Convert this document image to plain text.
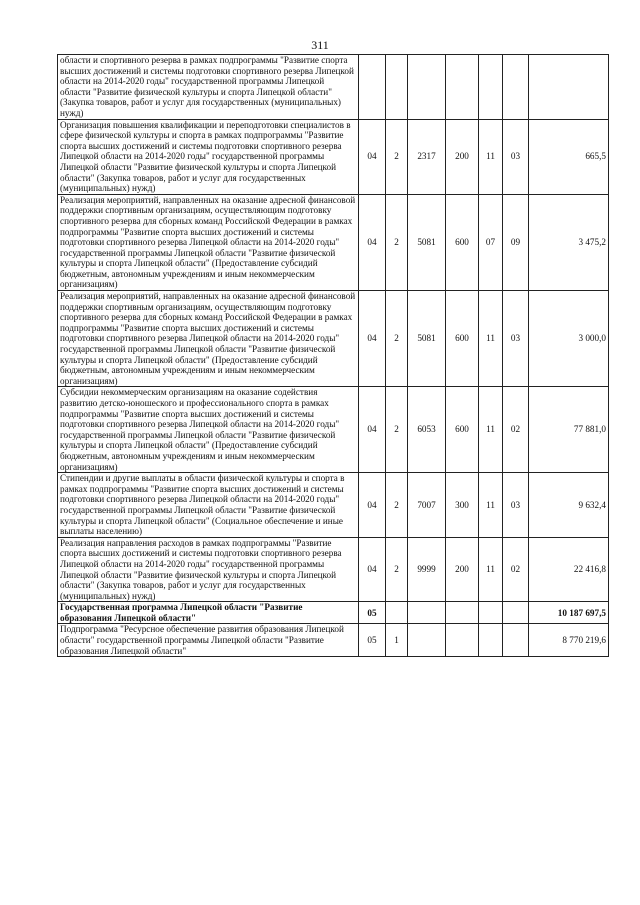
311
области и спортивного резерва в рамках подпрограммы "Развитие спорта высших достижений и системы подготовки спортивного резерва Липецкой области на 2014-2020 годы" государственной программы Липецкой области "Развитие физической культуры и спорта Липецкой области" (Закупка товаров, работ и услуг для государственных (муниципальных) нужд)							
Организация повышения квалификации и переподготовки специалистов в сфере физической культуры и спорта в рамках подпрограммы "Развитие спорта высших достижений и системы подготовки спортивного резерва Липецкой области на 2014-2020 годы" государственной программы Липецкой области "Развитие физической культуры и спорта Липецкой области" (Закупка товаров, работ и услуг для государственных (муниципальных) нужд)	04	2	2317	200	11	03	665,5
Реализация мероприятий, направленных на оказание адресной финансовой поддержки спортивным организациям, осуществляющим подготовку спортивного резерва для сборных команд Российской Федерации в рамках подпрограммы "Развитие спорта высших достижений и системы подготовки спортивного резерва Липецкой области на 2014-2020 годы" государственной программы Липецкой области "Развитие физической культуры и спорта Липецкой области" (Предоставление субсидий бюджетным, автономным учреждениям и иным некоммерческим организациям)	04	2	5081	600	07	09	3 475,2
Реализация мероприятий, направленных на оказание адресной финансовой поддержки спортивным организациям, осуществляющим подготовку спортивного резерва для сборных команд Российской Федерации в рамках подпрограммы "Развитие спорта высших достижений и системы подготовки спортивного резерва Липецкой области на 2014-2020 годы" государственной программы Липецкой области "Развитие физической культуры и спорта Липецкой области" (Предоставление субсидий бюджетным, автономным учреждениям и иным некоммерческим организациям)	04	2	5081	600	11	03	3 000,0
Субсидии некоммерческим организациям на оказание содействия развитию детско-юношеского и профессионального спорта в рамках подпрограммы "Развитие спорта высших достижений и системы подготовки спортивного резерва Липецкой области на 2014-2020 годы" государственной программы Липецкой области "Развитие физической культуры и спорта Липецкой области" (Предоставление субсидий бюджетным, автономным учреждениям и иным некоммерческим организациям)	04	2	6053	600	11	02	77 881,0
Стипендии и другие выплаты в области физической культуры и спорта в рамках подпрограммы "Развитие спорта высших достижений и системы подготовки спортивного резерва Липецкой области на 2014-2020 годы" государственной программы Липецкой области "Развитие физической культуры и спорта Липецкой области" (Социальное обеспечение и иные выплаты населению)	04	2	7007	300	11	03	9 632,4
Реализация направления расходов в рамках подпрограммы "Развитие спорта высших достижений и системы подготовки спортивного резерва Липецкой области на 2014-2020 годы" государственной программы Липецкой области "Развитие физической культуры и спорта Липецкой области" (Закупка товаров, работ и услуг для государственных (муниципальных) нужд)	04	2	9999	200	11	02	22 416,8
Государственная программа Липецкой области "Развитие образования Липецкой области"	05						10 187 697,5
Подпрограмма "Ресурсное обеспечение развития образования Липецкой области" государственной программы Липецкой области "Развитие образования Липецкой области"	05	1					8 770 219,6
